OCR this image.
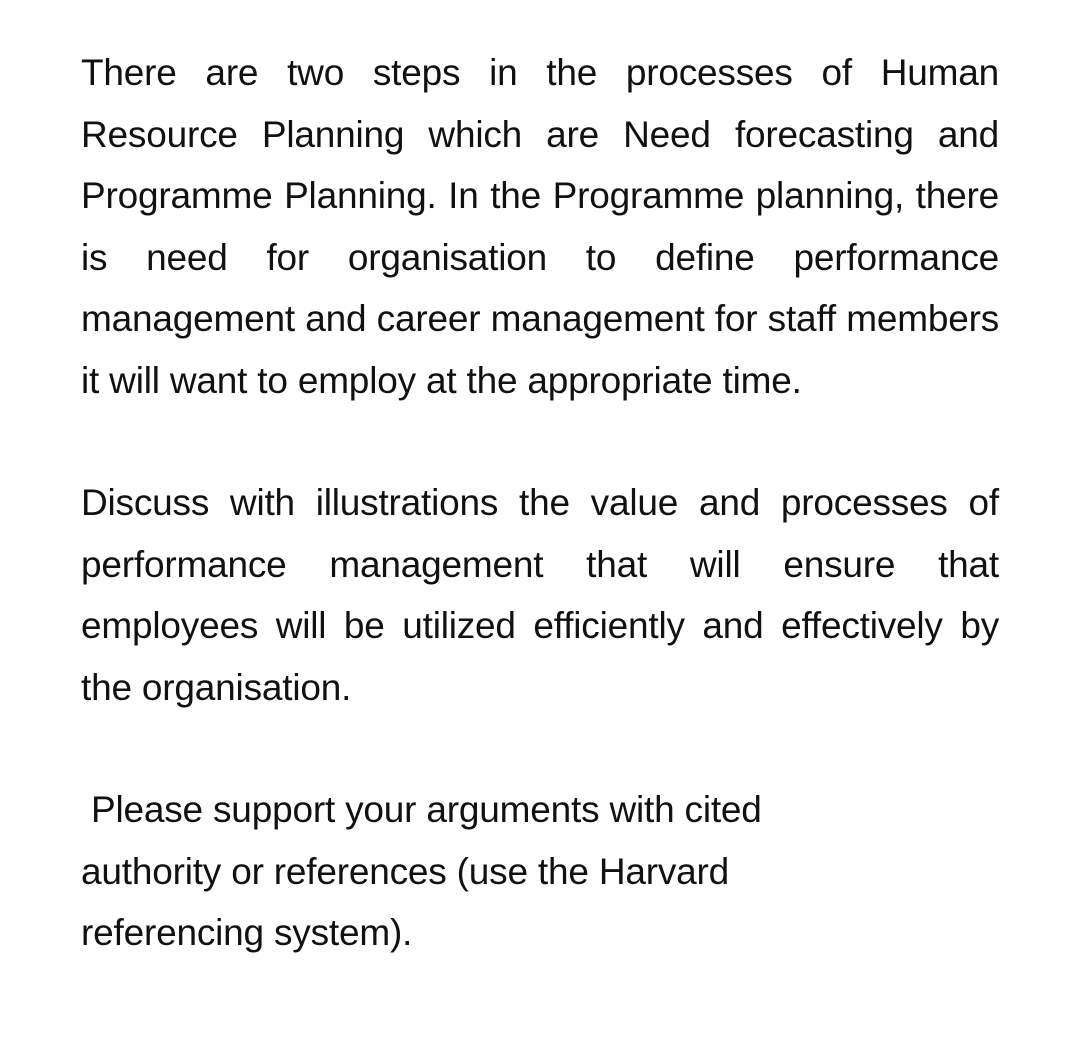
There are two steps in the processes of Human Resource Planning which are Need forecasting and Programme Planning. In the Programme planning, there is need for organisation to define performance management and career management for staff members it will want to employ at the appropriate time.

Discuss with illustrations the value and processes of performance management that will ensure that employees will be utilized efficiently and effectively by the organisation.

Please support your arguments with cited
authority or references (use the Harvard
referencing system).
